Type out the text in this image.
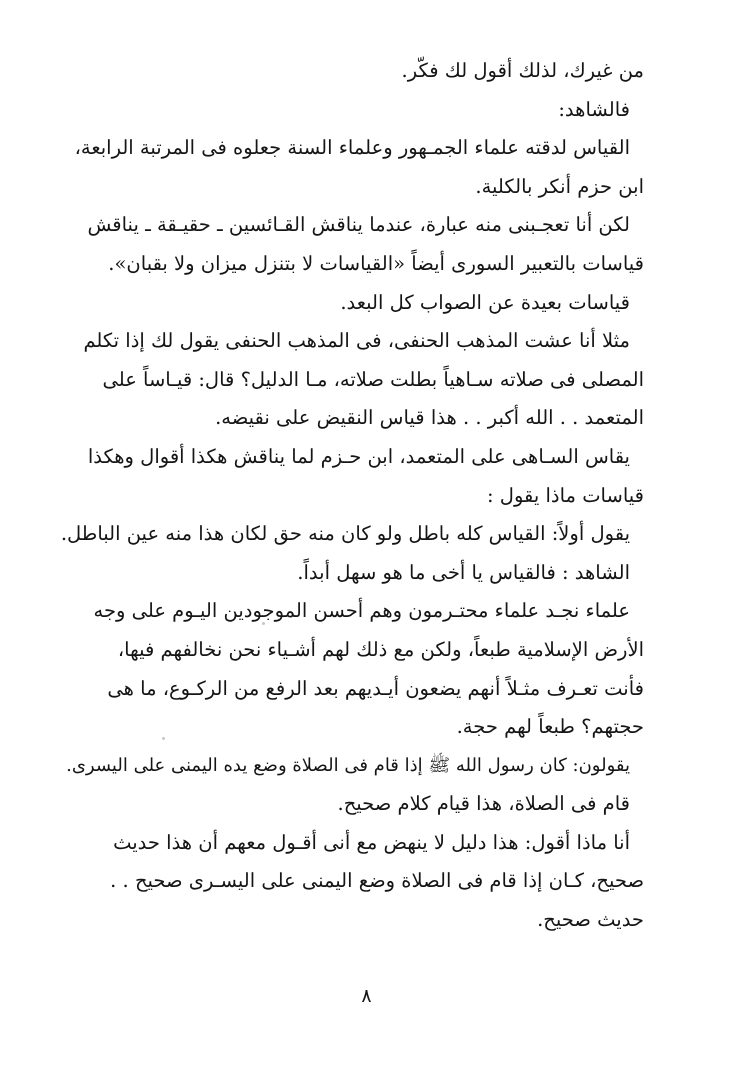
من غيرك، لذلك أقول لك فكّر.
فالشاهد:
القياس لدقته علماء الجمـهور وعلماء السنة جعلوه فى المرتبة الرابعة،
ابن حزم أنكر بالكلية.
لكن أنا تعجـبنى منه عبارة، عندما يناقش القـائسين ـ حقيـقة ـ يناقش
قياسات بالتعبير السورى أيضاً «القياسات لا بتنزل ميزان ولا بقبان».
قياسات بعيدة عن الصواب كل البعد.
مثلا أنا عشت المذهب الحنفى، فى المذهب الحنفى يقول لك إذا تكلم
المصلى فى صلاته سـاهياً بطلت صلاته، مـا الدليل؟ قال: قيـاساً على
المتعمد . . الله أكبر . . هذا قياس النقيض على نقيضه.
يقاس السـاهى على المتعمد، ابن حـزم لما يناقش هكذا أقوال وهكذا
قياسات ماذا يقول :
يقول أولاً: القياس كله باطل ولو كان منه حق لكان هذا منه عين الباطل.
الشاهد : فالقياس يا أخى ما هو سهل أبداً.
علماء نجـد علماء محتـرمون وهم أحسن الموجودين اليـوم على وجه
الأرض الإسلامية طبعاً، ولكن مع ذلك لهم أشـياء نحن نخالفهم فيها،
فأنت تعـرف مثـلاً أنهم يضعون أيـديهم بعد الرفع من الركـوع، ما هى
حجتهم؟ طبعاً لهم حجة.
يقولون: كان رسول الله ﷺ إذا قام فى الصلاة وضع يده اليمنى على اليسرى.
قام فى الصلاة، هذا قيام كلام صحيح.
أنا ماذا أقول: هذا دليل لا ينهض مع أنى أقـول معهم أن هذا حديث
صحيح، كـان إذا قام فى الصلاة وضع اليمنى على اليسـرى صحيح . .
حديث صحيح.
٨
